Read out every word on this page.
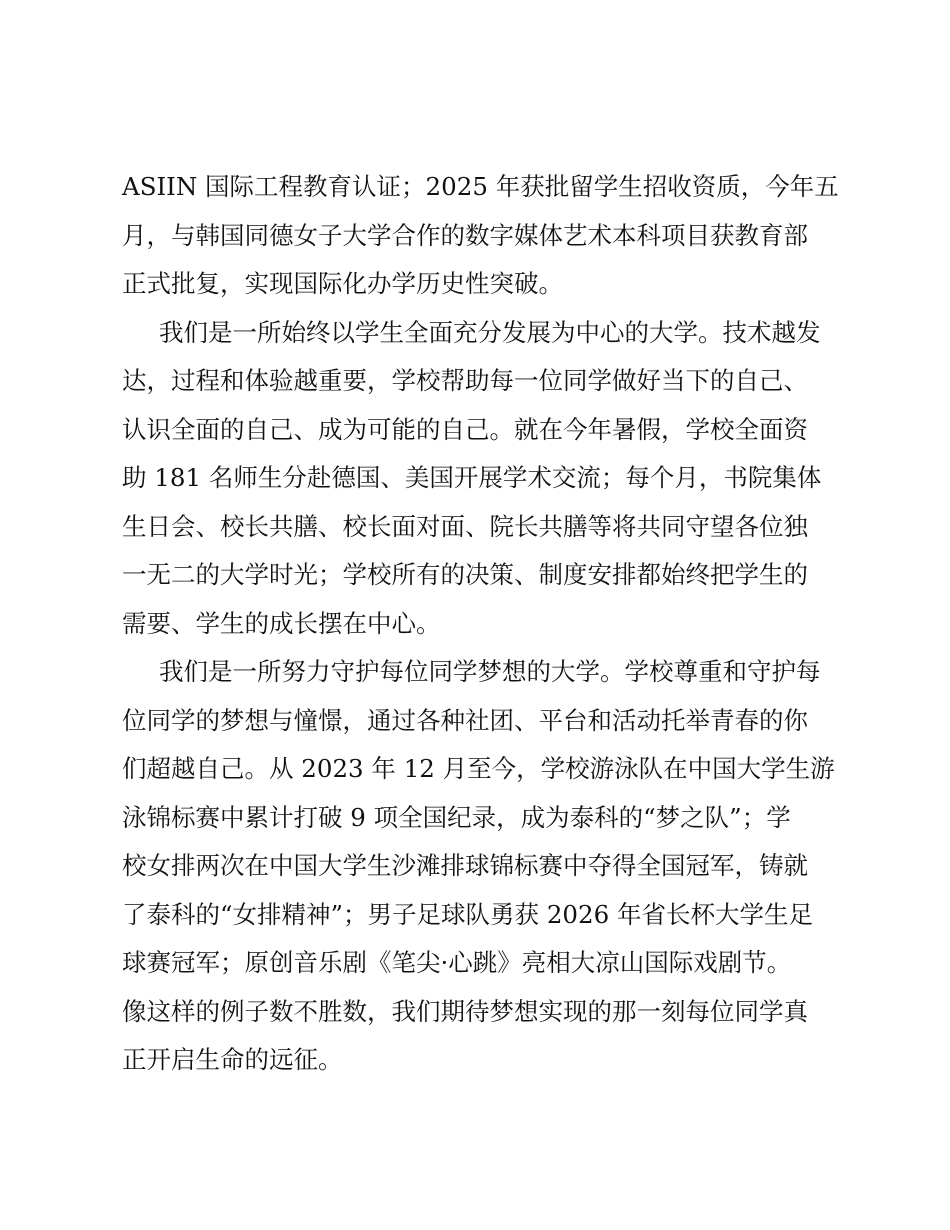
ASIIN 国际工程教育认证；2025 年获批留学生招收资质，今年五
月，与韩国同德女子大学合作的数字媒体艺术本科项目获教育部
正式批复，实现国际化办学历史性突破。
我们是一所始终以学生全面充分发展为中心的大学。技术越发
达，过程和体验越重要，学校帮助每一位同学做好当下的自己、
认识全面的自己、成为可能的自己。就在今年暑假，学校全面资
助 181 名师生分赴德国、美国开展学术交流；每个月，书院集体
生日会、校长共膳、校长面对面、院长共膳等将共同守望各位独
一无二的大学时光；学校所有的决策、制度安排都始终把学生的
需要、学生的成长摆在中心。
我们是一所努力守护每位同学梦想的大学。学校尊重和守护每
位同学的梦想与憧憬，通过各种社团、平台和活动托举青春的你
们超越自己。从 2023 年 12 月至今，学校游泳队在中国大学生游
泳锦标赛中累计打破 9 项全国纪录，成为泰科的“梦之队”；学
校女排两次在中国大学生沙滩排球锦标赛中夺得全国冠军，铸就
了泰科的“女排精神”；男子足球队勇获 2026 年省长杯大学生足
球赛冠军；原创音乐剧《笔尖·心跳》亮相大凉山国际戏剧节。
像这样的例子数不胜数，我们期待梦想实现的那一刻每位同学真
正开启生命的远征。
